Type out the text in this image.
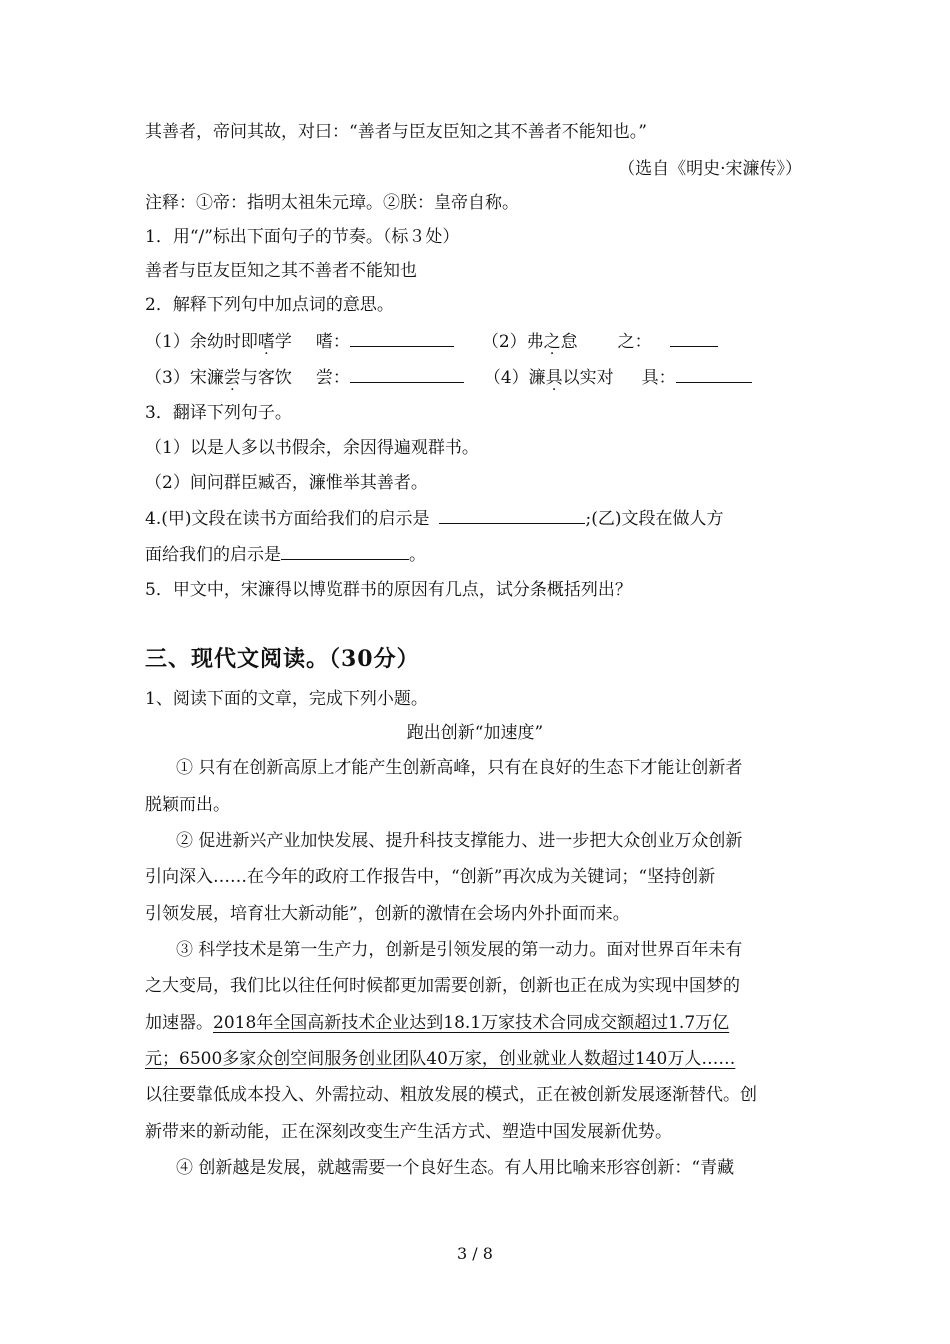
其善者，帝问其故，对曰：“善者与臣友臣知之其不善者不能知也。”
（选自《明史·宋濂传》）
注释：①帝：指明太祖朱元璋。②朕：皇帝自称。
1．用“/”标出下面句子的节奏。（标３处）
善者与臣友臣知之其不善者不能知也
2．解释下列句中加点词的意思。
（1）余幼时即嗜学 嗜：	（2）弗之怠 之：
（3）宋濂尝与客饮 尝：	（4）濂具以实对 具：
3．翻译下列句子。
（1）以是人多以书假余，余因得遍观群书。
（2）间问群臣臧否，濂惟举其善者。
4.(甲)文段在读书方面给我们的启示是	;(乙)文段在做人方
面给我们的启示是	。
5．甲文中，宋濂得以博览群书的原因有几点，试分条概括列出？
三、现代文阅读。（30分）
1、阅读下面的文章，完成下列小题。
跑出创新“加速度”
① 只有在创新高原上才能产生创新高峰，只有在良好的生态下才能让创新者
脱颖而出。
② 促进新兴产业加快发展、提升科技支撑能力、进一步把大众创业万众创新
引向深入……在今年的政府工作报告中，“创新”再次成为关键词；“坚持创新
引领发展，培育壮大新动能”，创新的激情在会场内外扑面而来。
③ 科学技术是第一生产力，创新是引领发展的第一动力。面对世界百年未有
之大变局，我们比以往任何时候都更加需要创新，创新也正在成为实现中国梦的
加速器。2018年全国高新技术企业达到18.1万家技术合同成交额超过1.7万亿
元；6500多家众创空间服务创业团队40万家，创业就业人数超过140万人……
以往要靠低成本投入、外需拉动、粗放发展的模式，正在被创新发展逐渐替代。创
新带来的新动能，正在深刻改变生产生活方式、塑造中国发展新优势。
④ 创新越是发展，就越需要一个良好生态。有人用比喻来形容创新：“青藏
3 / 8
